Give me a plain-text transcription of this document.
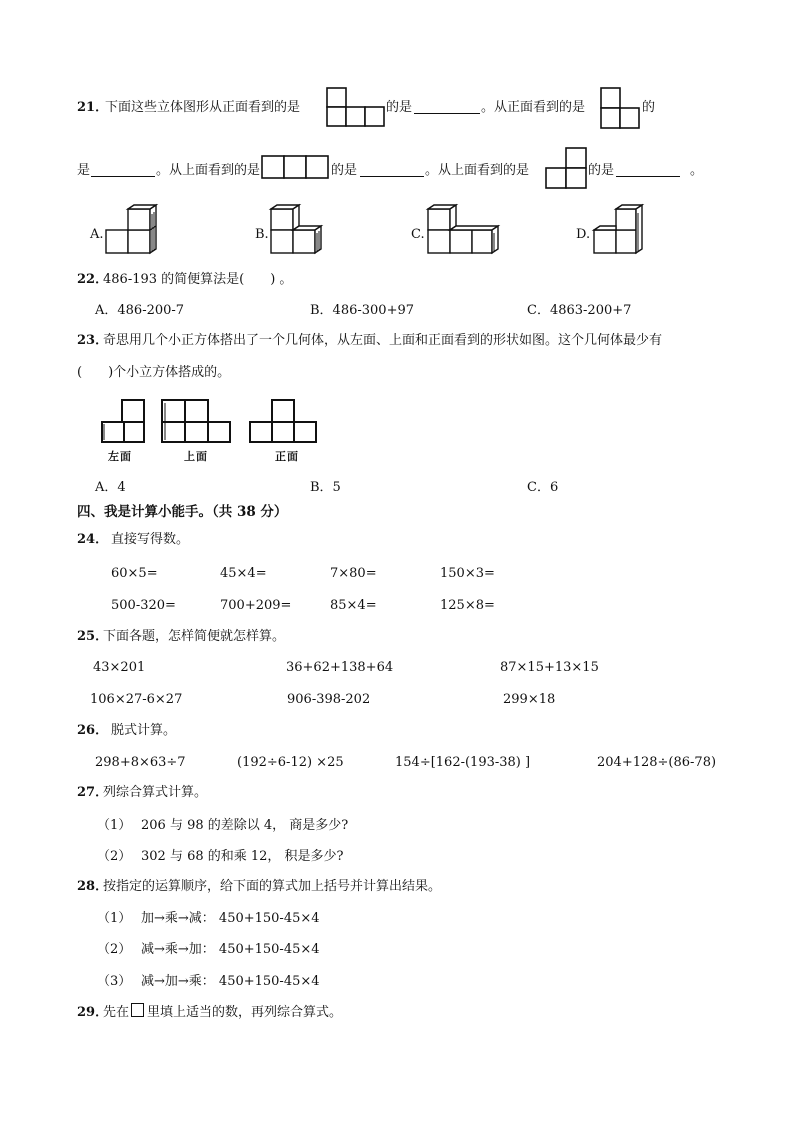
21．
下面这些立体图形从正面看到的是	的是	。从正面看到的是	的
是	。从上面看到的是	的是	。从上面看到的是	的是	。
A.	B.	C.	D.
22．
486-193 的简便算法是(　　) 。
A．486-200-7	B．486-300+97	C．4863-200+7
23．
奇思用几个小正方体搭出了一个几何体，从左面、上面和正面看到的形状如图。这个几何体最少有
(　　)个小立方体搭成的。
左面	上面	正面
A．4	B．5	C．6
四、我是计算小能手。（共 38 分）
24． 直接写得数。
60×5=	45×4=	7×80=	150×3=
500-320=	700+209=	85×4=	125×8=
25．
下面各题，怎样简便就怎样算。
43×201	36+62+138+64	87×15+13×15
106×27-6×27	906-398-202	299×18
26． 脱式计算。
298+8×63÷7	(192÷6-12) ×25	154÷[162-(193-38) ]	204+128÷(86-78)
27．
列综合算式计算。
（1） 206 与 98 的差除以 4， 商是多少?
（2） 302 与 68 的和乘 12， 积是多少?
28．
按指定的运算顺序，给下面的算式加上括号并计算出结果。
（1） 加→乘→减： 450+150-45×4
（2） 减→乘→加： 450+150-45×4
（3） 减→加→乘： 450+150-45×4
29．
先在 里填上适当的数，再列综合算式。
